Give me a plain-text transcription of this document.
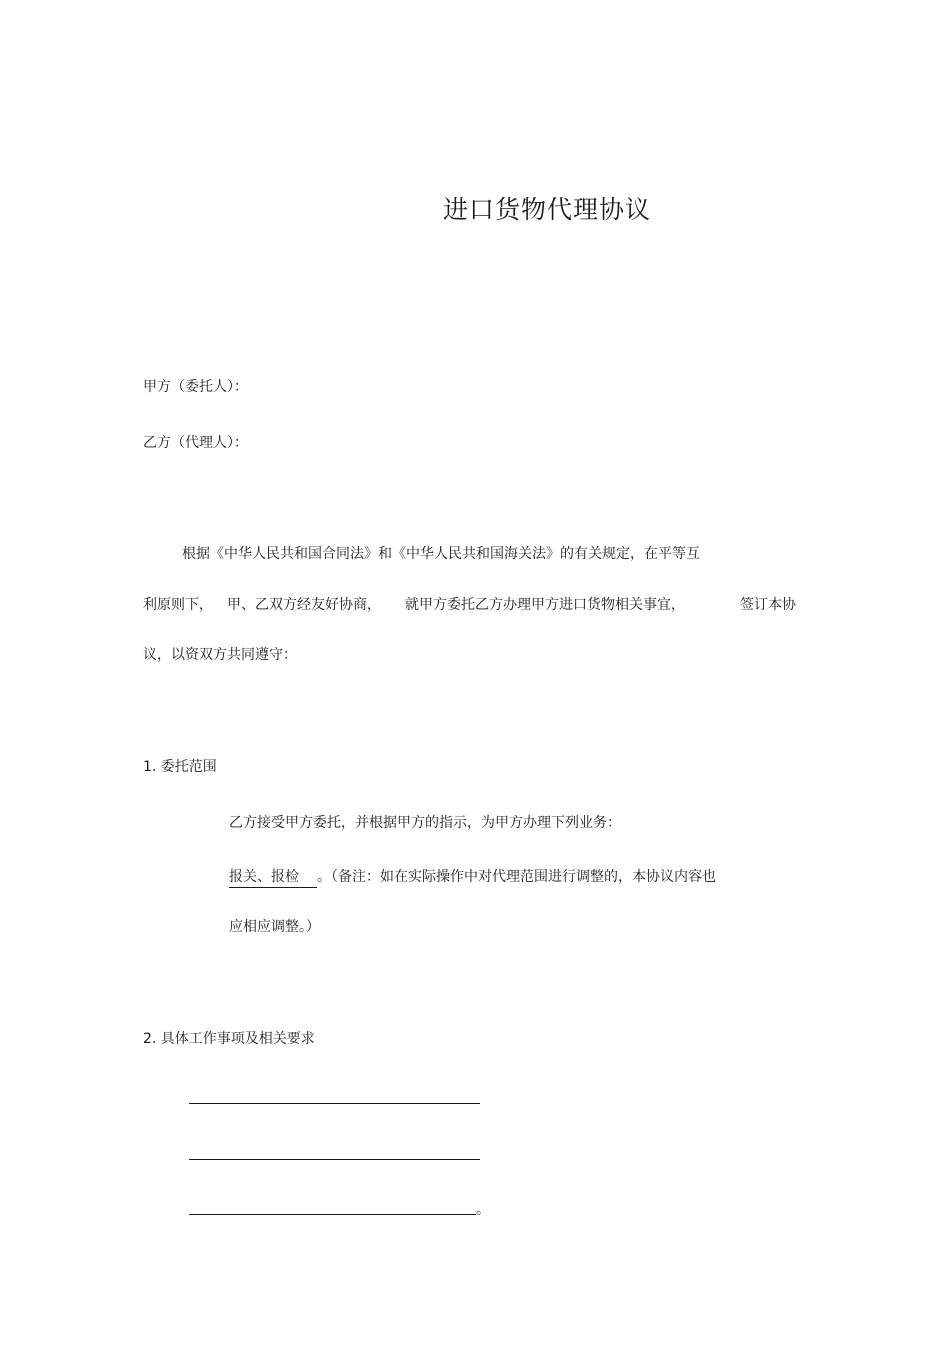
进口货物代理协议
甲方（委托人）：
乙方（代理人）：
根据《中华人民共和国合同法》和《中华人民共和国海关法》的有关规定，在平等互
利原则下， 甲、乙双方经友好协商， 就甲方委托乙方办理甲方进口货物相关事宜，	签订本协
议，以资双方共同遵守：
1. 委托范围
乙方接受甲方委托，并根据甲方的指示，为甲方办理下列业务：
报关、报检 。（备注：如在实际操作中对代理范围进行调整的，本协议内容也
应相应调整。）
2. 具体工作事项及相关要求
。
